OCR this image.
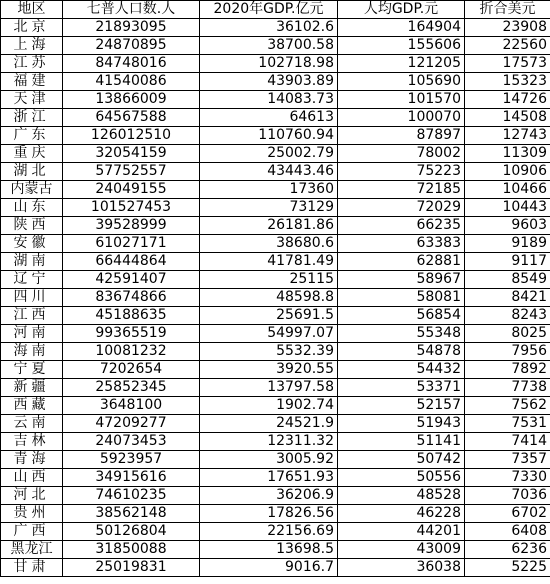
地区	七普人口数.人	2020年GDP.亿元	人均GDP.元	折合美元
北京	21893095	36102.6	164904	23908
上海	24870895	38700.58	155606	22560
江苏	84748016	102718.98	121205	17573
福建	41540086	43903.89	105690	15323
天津	13866009	14083.73	101570	14726
浙江	64567588	64613	100070	14508
广东	126012510	110760.94	87897	12743
重庆	32054159	25002.79	78002	11309
湖北	57752557	43443.46	75223	10906
内蒙古	24049155	17360	72185	10466
山东	101527453	73129	72029	10443
陕西	39528999	26181.86	66235	9603
安徽	61027171	38680.6	63383	9189
湖南	66444864	41781.49	62881	9117
辽宁	42591407	25115	58967	8549
四川	83674866	48598.8	58081	8421
江西	45188635	25691.5	56854	8243
河南	99365519	54997.07	55348	8025
海南	10081232	5532.39	54878	7956
宁夏	7202654	3920.55	54432	7892
新疆	25852345	13797.58	53371	7738
西藏	3648100	1902.74	52157	7562
云南	47209277	24521.9	51943	7531
吉林	24073453	12311.32	51141	7414
青海	5923957	3005.92	50742	7357
山西	34915616	17651.93	50556	7330
河北	74610235	36206.9	48528	7036
贵州	38562148	17826.56	46228	6702
广西	50126804	22156.69	44201	6408
黑龙江	31850088	13698.5	43009	6236
甘肃	25019831	9016.7	36038	5225
